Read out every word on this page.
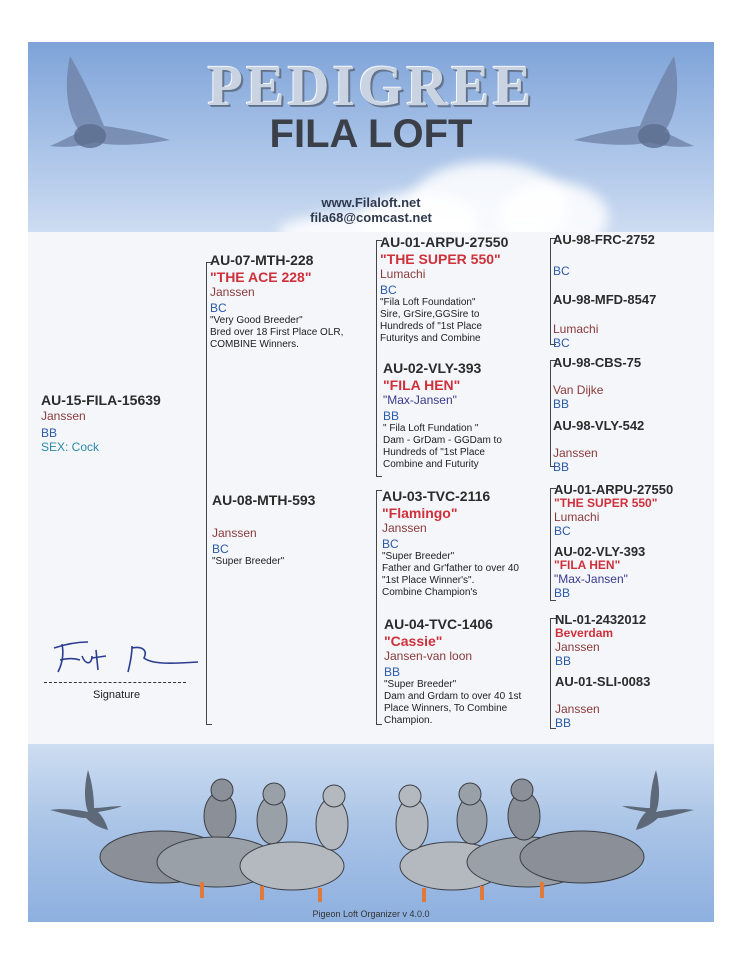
PEDIGREE
FILA LOFT
www.Filaloft.net
fila68@comcast.net
AU-15-FILA-15639
Janssen
BB
SEX: Cock
AU-07-MTH-228
"THE ACE 228"
Janssen
BC
"Very Good Breeder"
Bred over 18 First Place OLR,
COMBINE Winners.
AU-08-MTH-593
Janssen
BC
"Super Breeder"
AU-01-ARPU-27550
"THE SUPER 550"
Lumachi
BC
"Fila Loft Foundation"
Sire, GrSire,GGSire to
Hundreds of "1st Place
Futuritys and Combine
AU-02-VLY-393
"FILA HEN"
"Max-Jansen"
BB
" Fila Loft Fundation "
Dam - GrDam - GGDam to
Hundreds of "1st Place
Combine and Futurity
AU-03-TVC-2116
"Flamingo"
Janssen
BC
"Super Breeder"
Father and Gr'father to over 40
"1st Place Winner's".
Combine Champion's
AU-04-TVC-1406
"Cassie"
Jansen-van loon
BB
"Super Breeder"
Dam and Grdam to over 40 1st
Place Winners, To Combine
Champion.
AU-98-FRC-2752
BC
AU-98-MFD-8547
Lumachi
BC
AU-98-CBS-75
Van Dijke
BB
AU-98-VLY-542
Janssen
BB
AU-01-ARPU-27550
"THE SUPER 550"
Lumachi
BC
AU-02-VLY-393
"FILA HEN"
"Max-Jansen"
BB
NL-01-2432012
Beverdam
Janssen
BB
AU-01-SLI-0083
Janssen
BB
Signature
Pigeon Loft Organizer v 4.0.0
